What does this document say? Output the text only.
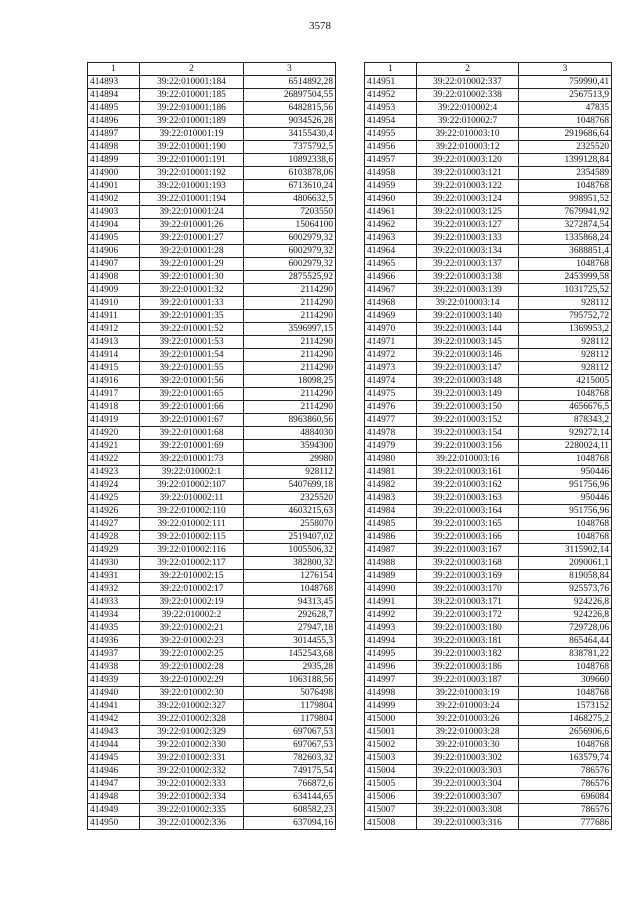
3578
1	2	3
414893	39:22:010001:184	6514892,28
414894	39:22:010001:185	26897504,55
414895	39:22:010001:186	6482815,56
414896	39:22:010001:189	9034526,28
414897	39:22:010001:19	34155430,4
414898	39:22:010001:190	7375792,5
414899	39:22:010001:191	10892338,6
414900	39:22:010001:192	6103878,06
414901	39:22:010001:193	6713610,24
414902	39:22:010001:194	4806632,5
414903	39:22:010001:24	7203550
414904	39:22:010001:26	15064100
414905	39:22:010001:27	6002979,32
414906	39:22:010001:28	6002979,32
414907	39:22:010001:29	6002979,32
414908	39:22:010001:30	2875525,92
414909	39:22:010001:32	2114290
414910	39:22:010001:33	2114290
414911	39:22:010001:35	2114290
414912	39:22:010001:52	3596997,15
414913	39:22:010001:53	2114290
414914	39:22:010001:54	2114290
414915	39:22:010001:55	2114290
414916	39:22:010001:56	18098,25
414917	39:22:010001:65	2114290
414918	39:22:010001:66	2114290
414919	39:22:010001:67	8963860,56
414920	39:22:010001:68	4884030
414921	39:22:010001:69	3594300
414922	39:22:010001:73	29980
414923	39:22:010002:1	928112
414924	39:22:010002:107	5407699,18
414925	39:22:010002:11	2325520
414926	39:22:010002:110	4603215,63
414927	39:22:010002:111	2558070
414928	39:22:010002:115	2519407,02
414929	39:22:010002:116	1005506,32
414930	39:22:010002:117	382800,32
414931	39:22:010002:15	1276154
414932	39:22:010002:17	1048768
414933	39:22:010002:19	94313,45
414934	39:22:010002:2	292628,7
414935	39:22:010002:21	27947,18
414936	39:22:010002:23	3014455,3
414937	39:22:010002:25	1452543,68
414938	39:22:010002:28	2935,28
414939	39:22:010002:29	1063188,56
414940	39:22:010002:30	5076498
414941	39:22:010002:327	1179804
414942	39:22:010002:328	1179804
414943	39:22:010002:329	697067,53
414944	39:22:010002:330	697067,53
414945	39:22:010002:331	782603,32
414946	39:22:010002:332	749175,54
414947	39:22:010002:333	766872,6
414948	39:22:010002:334	634144,65
414949	39:22:010002:335	608582,23
414950	39:22:010002:336	637094,16
1	2	3
414951	39:22:010002:337	759990,41
414952	39:22:010002:338	2567513,9
414953	39:22:010002:4	47835
414954	39:22:010002:7	1048768
414955	39:22:010003:10	2919686,64
414956	39:22:010003:12	2325520
414957	39:22:010003:120	1399128,84
414958	39:22:010003:121	2354589
414959	39:22:010003:122	1048768
414960	39:22:010003:124	998951,52
414961	39:22:010003:125	7679941,92
414962	39:22:010003:127	3272874,54
414963	39:22:010003:133	1335868,24
414964	39:22:010003:134	3688851,4
414965	39:22:010003:137	1048768
414966	39:22:010003:138	2453999,58
414967	39:22:010003:139	1031725,52
414968	39:22:010003:14	928112
414969	39:22:010003:140	795752,72
414970	39:22:010003:144	1369953,2
414971	39:22:010003:145	928112
414972	39:22:010003:146	928112
414973	39:22:010003:147	928112
414974	39:22:010003:148	4215005
414975	39:22:010003:149	1048768
414976	39:22:010003:150	4656676,5
414977	39:22:010003:152	878343,2
414978	39:22:010003:154	929272,14
414979	39:22:010003:156	2280024,11
414980	39:22:010003:16	1048768
414981	39:22:010003:161	950446
414982	39:22:010003:162	951756,96
414983	39:22:010003:163	950446
414984	39:22:010003:164	951756,96
414985	39:22:010003:165	1048768
414986	39:22:010003:166	1048768
414987	39:22:010003:167	3115902,14
414988	39:22:010003:168	2090061,1
414989	39:22:010003:169	819058,84
414990	39:22:010003:170	925573,76
414991	39:22:010003:171	924226,8
414992	39:22:010003:172	924226,8
414993	39:22:010003:180	729728,06
414994	39:22:010003:181	865464,44
414995	39:22:010003:182	838781,22
414996	39:22:010003:186	1048768
414997	39:22:010003:187	309660
414998	39:22:010003:19	1048768
414999	39:22:010003:24	1573152
415000	39:22:010003:26	1468275,2
415001	39:22:010003:28	2656906,6
415002	39:22:010003:30	1048768
415003	39:22:010003:302	163579,74
415004	39:22:010003:303	786576
415005	39:22:010003:304	786576
415006	39:22:010003:307	696084
415007	39:22:010003:308	786576
415008	39:22:010003:316	777686
